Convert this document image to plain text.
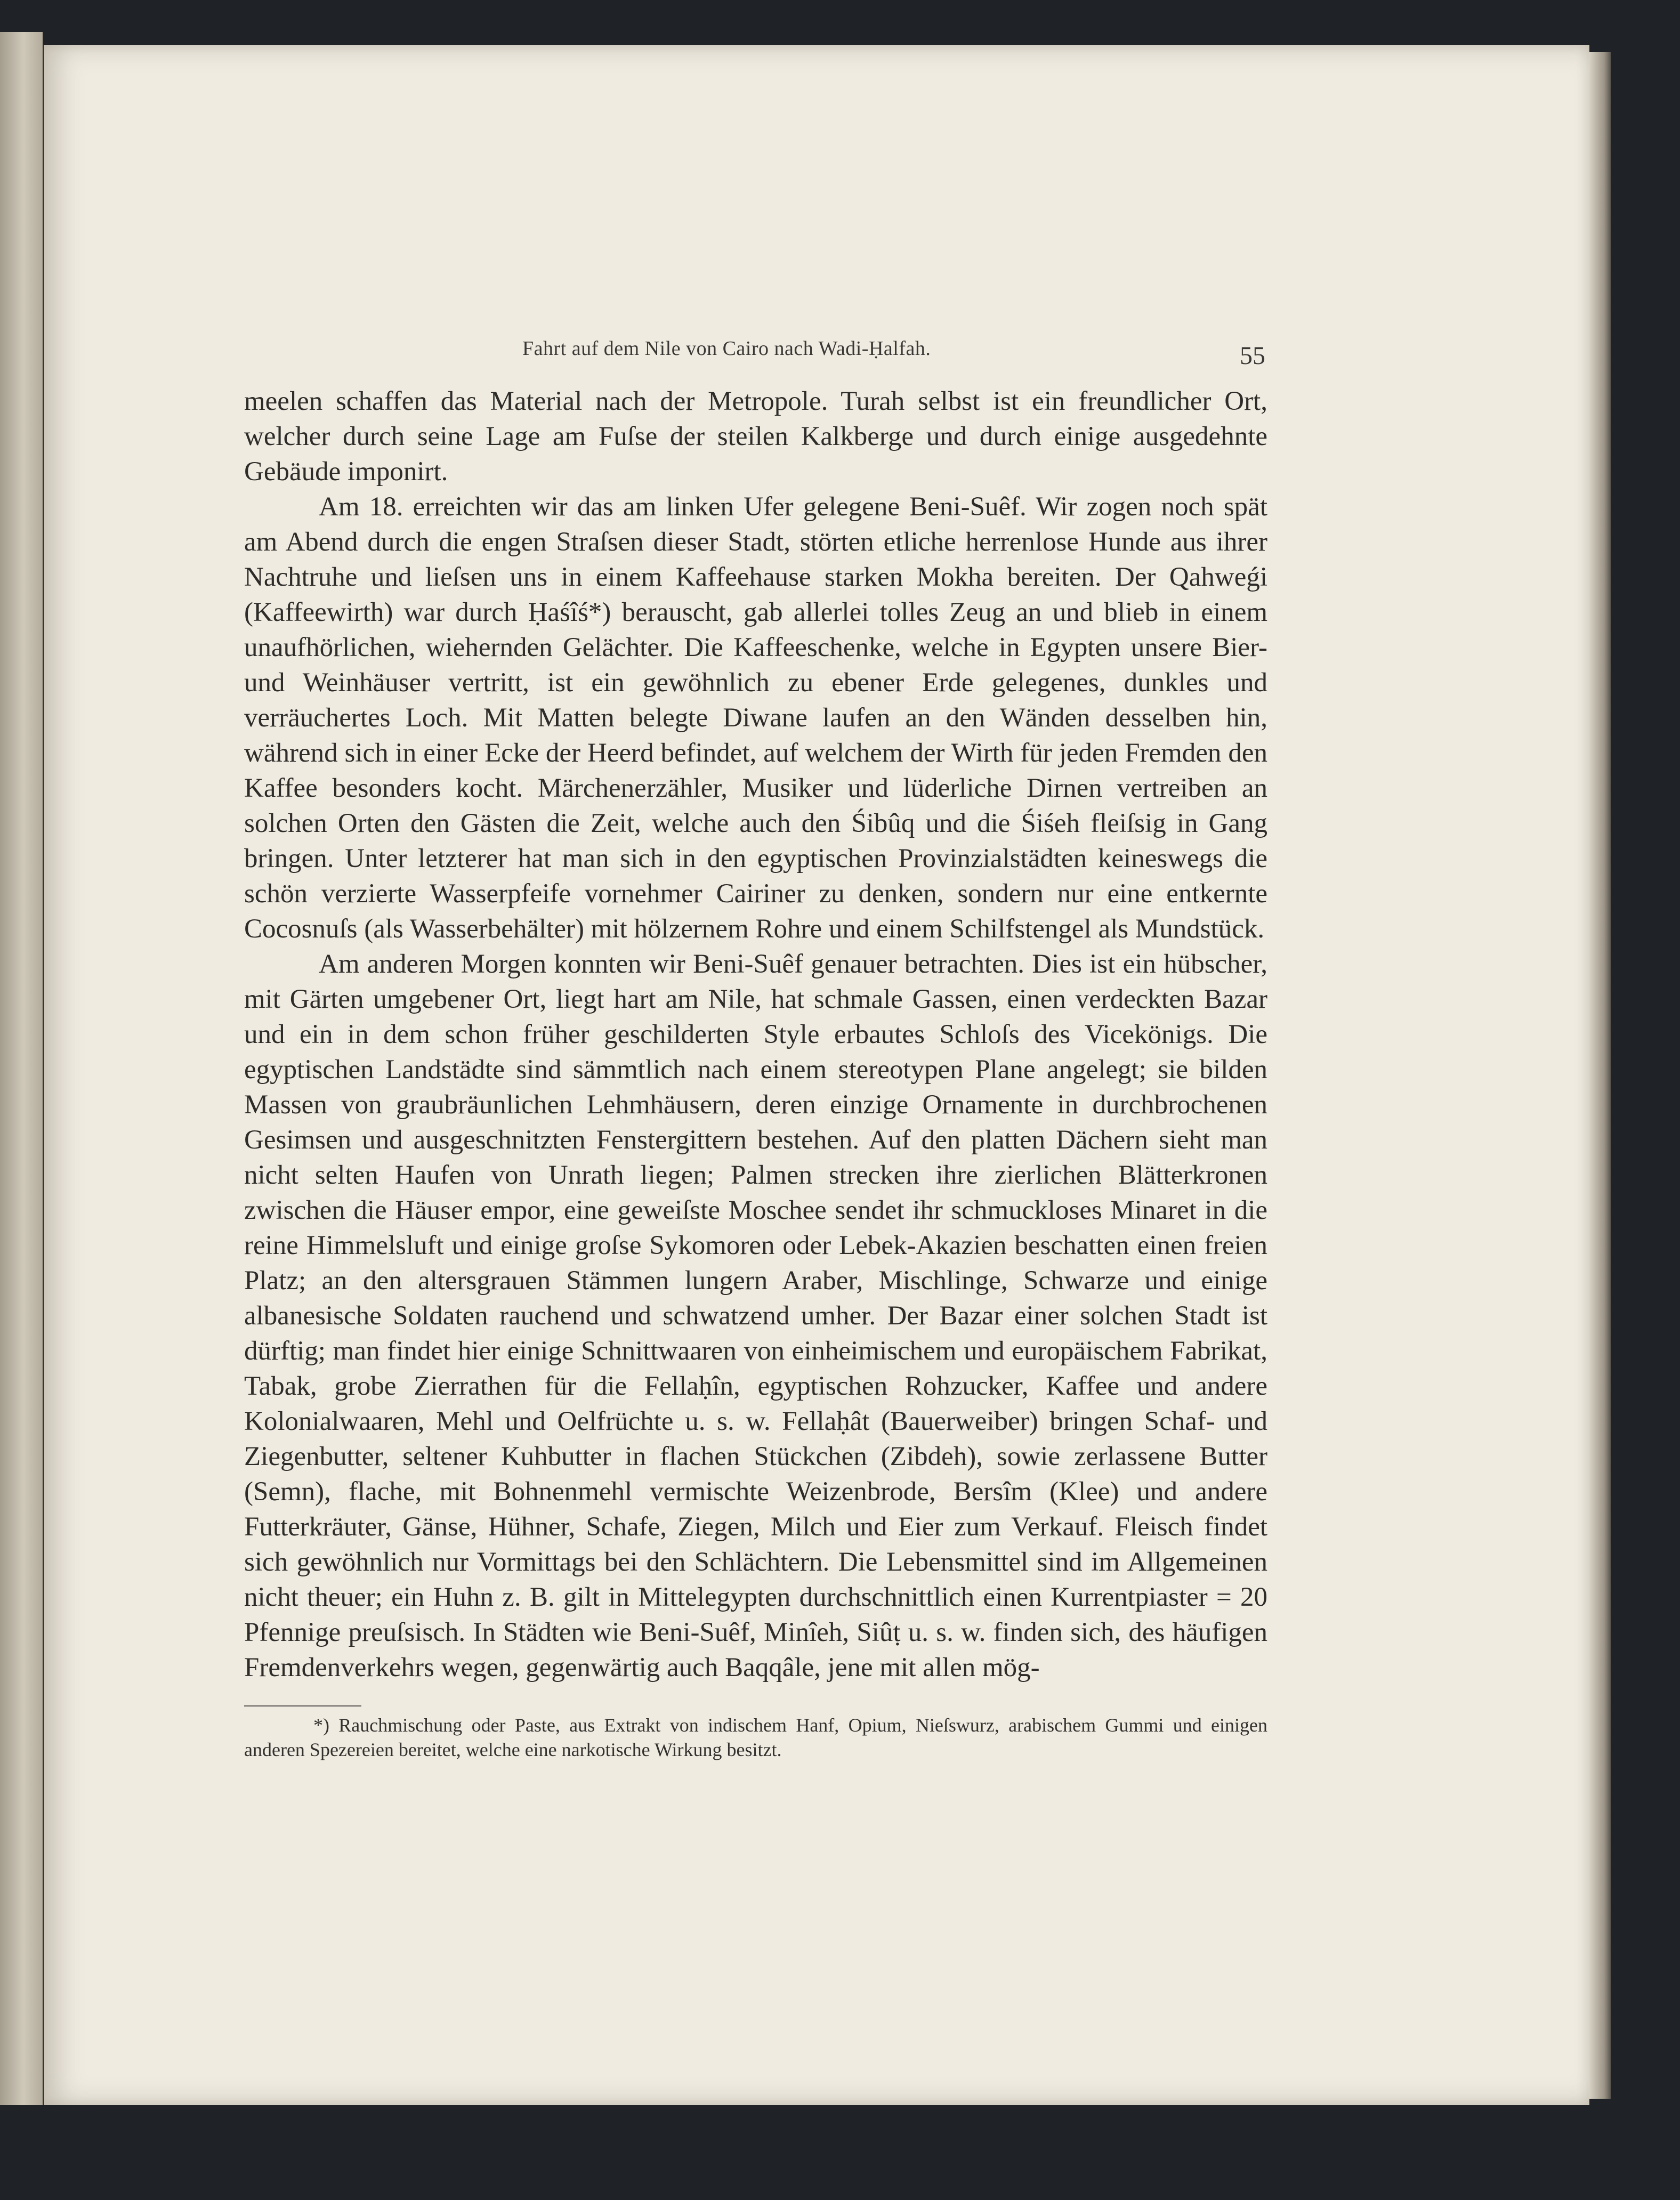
Fahrt auf dem Nile von Cairo nach Wadi-Ḥalfah.	55

meelen schaffen das Material nach der Metropole. Turah selbst ist ein freundlicher Ort, welcher durch seine Lage am Fuſse der steilen Kalkberge und durch einige ausgedehnte Gebäude imponirt.

Am 18. erreichten wir das am linken Ufer gelegene Beni-Suêf. Wir zogen noch spät am Abend durch die engen Straſsen dieser Stadt, störten etliche herrenlose Hunde aus ihrer Nachtruhe und lieſsen uns in einem Kaffeehause starken Mokha bereiten. Der Qahweǵi (Kaffeewirth) war durch Ḥaśîś*) berauscht, gab allerlei tolles Zeug an und blieb in einem unaufhörlichen, wiehernden Gelächter. Die Kaffeeschenke, welche in Egypten unsere Bier- und Weinhäuser vertritt, ist ein gewöhnlich zu ebener Erde gelegenes, dunkles und verräuchertes Loch. Mit Matten belegte Diwane laufen an den Wänden desselben hin, während sich in einer Ecke der Heerd befindet, auf welchem der Wirth für jeden Fremden den Kaffee besonders kocht. Märchenerzähler, Musiker und lüderliche Dirnen vertreiben an solchen Orten den Gästen die Zeit, welche auch den Śibûq und die Śiśeh fleiſsig in Gang bringen. Unter letzterer hat man sich in den egyptischen Provinzialstädten keineswegs die schön verzierte Wasserpfeife vornehmer Cairiner zu denken, sondern nur eine entkernte Cocosnuſs (als Wasserbehälter) mit hölzernem Rohre und einem Schilfstengel als Mundstück.

Am anderen Morgen konnten wir Beni-Suêf genauer betrachten. Dies ist ein hübscher, mit Gärten umgebener Ort, liegt hart am Nile, hat schmale Gassen, einen verdeckten Bazar und ein in dem schon früher geschilderten Style erbautes Schloſs des Vicekönigs. Die egyptischen Landstädte sind sämmtlich nach einem stereotypen Plane angelegt; sie bilden Massen von graubräunlichen Lehmhäusern, deren einzige Ornamente in durchbrochenen Gesimsen und ausgeschnitzten Fenstergittern bestehen. Auf den platten Dächern sieht man nicht selten Haufen von Unrath liegen; Palmen strecken ihre zierlichen Blätterkronen zwischen die Häuser empor, eine geweiſste Moschee sendet ihr schmuckloses Minaret in die reine Himmelsluft und einige groſse Sykomoren oder Lebek-Akazien beschatten einen freien Platz; an den altersgrauen Stämmen lungern Araber, Mischlinge, Schwarze und einige albanesische Soldaten rauchend und schwatzend umher. Der Bazar einer solchen Stadt ist dürftig; man findet hier einige Schnittwaaren von einheimischem und europäischem Fabrikat, Tabak, grobe Zierrathen für die Fellaḥîn, egyptischen Rohzucker, Kaffee und andere Kolonialwaaren, Mehl und Oelfrüchte u. s. w. Fellaḥât (Bauerweiber) bringen Schaf- und Ziegenbutter, seltener Kuhbutter in flachen Stückchen (Zibdeh), sowie zerlassene Butter (Semn), flache, mit Bohnenmehl vermischte Weizenbrode, Bersîm (Klee) und andere Futterkräuter, Gänse, Hühner, Schafe, Ziegen, Milch und Eier zum Verkauf. Fleisch findet sich gewöhnlich nur Vormittags bei den Schlächtern. Die Lebensmittel sind im Allgemeinen nicht theuer; ein Huhn z. B. gilt in Mittelegypten durchschnittlich einen Kurrentpiaster = 20 Pfennige preuſsisch. In Städten wie Beni-Suêf, Minîeh, Siûṭ u. s. w. finden sich, des häufigen Fremdenverkehrs wegen, gegenwärtig auch Baqqâle, jene mit allen mög-

*) Rauchmischung oder Paste, aus Extrakt von indischem Hanf, Opium, Nieſswurz, arabischem Gummi und einigen anderen Spezereien bereitet, welche eine narkotische Wirkung besitzt.
